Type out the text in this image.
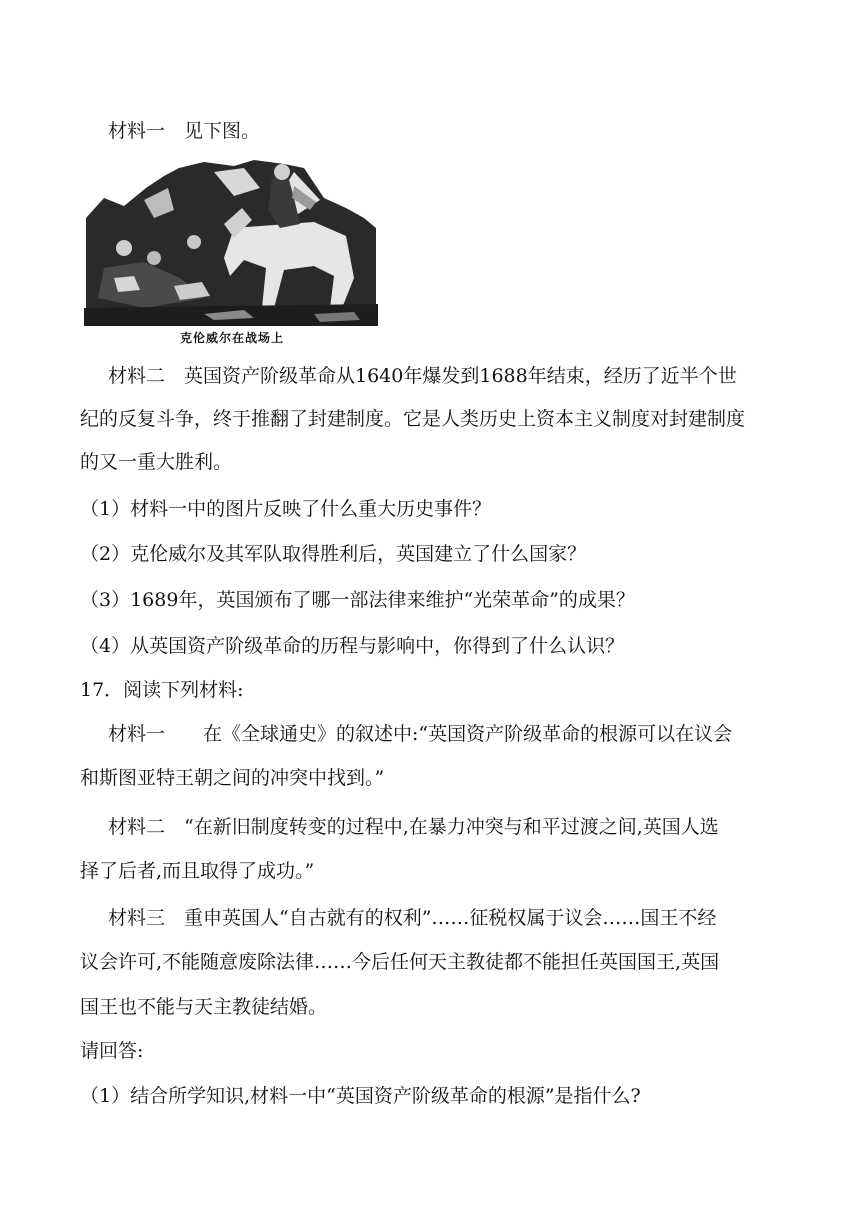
材料一　见下图。
克伦威尔在战场上
材料二　英国资产阶级革命从1640年爆发到1688年结束，经历了近半个世
纪的反复斗争，终于推翻了封建制度。它是人类历史上资本主义制度对封建制度
的又一重大胜利。
（1）材料一中的图片反映了什么重大历史事件？
（2）克伦威尔及其军队取得胜利后，英国建立了什么国家？
（3）1689年，英国颁布了哪一部法律来维护“光荣革命”的成果？
（4）从英国资产阶级革命的历程与影响中，你得到了什么认识？
17．阅读下列材料:
材料一　　在《全球通史》的叙述中:“英国资产阶级革命的根源可以在议会
和斯图亚特王朝之间的冲突中找到。”
材料二　“在新旧制度转变的过程中,在暴力冲突与和平过渡之间,英国人选
择了后者,而且取得了成功。”
材料三　重申英国人“自古就有的权利”……征税权属于议会……国王不经
议会许可,不能随意废除法律……今后任何天主教徒都不能担任英国国王,英国
国王也不能与天主教徒结婚。
请回答:
（1）结合所学知识,材料一中“英国资产阶级革命的根源”是指什么?
